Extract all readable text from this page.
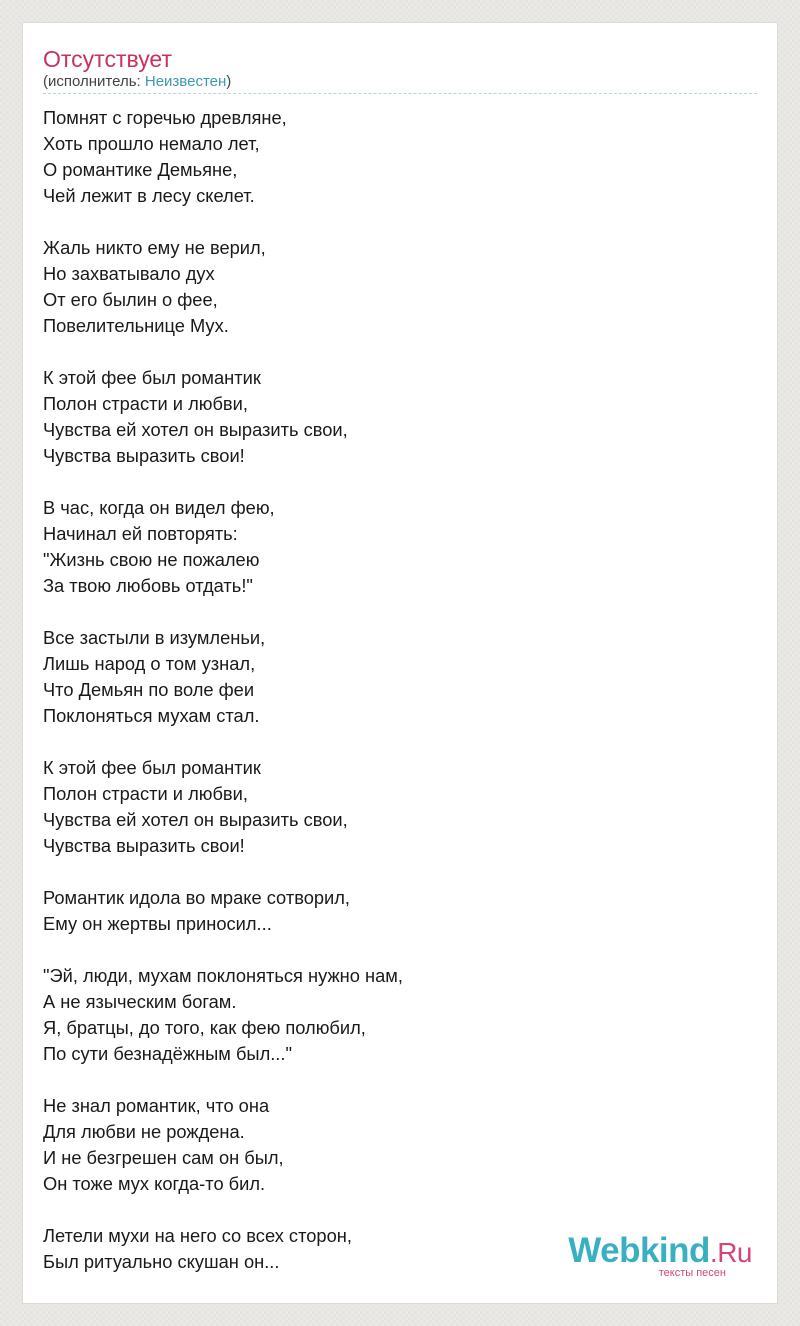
Отсутствует
(исполнитель: Неизвестен)
Помнят с горечью древляне,
Хоть прошло немало лет,
О романтике Демьяне,
Чей лежит в лесу скелет.
Жаль никто ему не верил,
Но захватывало дух
От его былин о фее,
Повелительнице Мух.
К этой фее был романтик
Полон страсти и любви,
Чувства ей хотел он выразить свои,
Чувства выразить свои!
В час, когда он видел фею,
Начинал ей повторять:
"Жизнь свою не пожалею
За твою любовь отдать!"
Все застыли в изумленьи,
Лишь народ о том узнал,
Что Демьян по воле феи
Поклоняться мухам стал.
К этой фее был романтик
Полон страсти и любви,
Чувства ей хотел он выразить свои,
Чувства выразить свои!
Романтик идола во мраке сотворил,
Ему он жертвы приносил...
"Эй, люди, мухам поклоняться нужно нам,
А не языческим богам.
Я, братцы, до того, как фею полюбил,
По сути безнадёжным был..."
Не знал романтик, что она
Для любви не рождена.
И не безгрешен сам он был,
Он тоже мух когда-то бил.
Летели мухи на него со всех сторон,
Был ритуально скушан он...	Webkind.Ru
тексты песен
